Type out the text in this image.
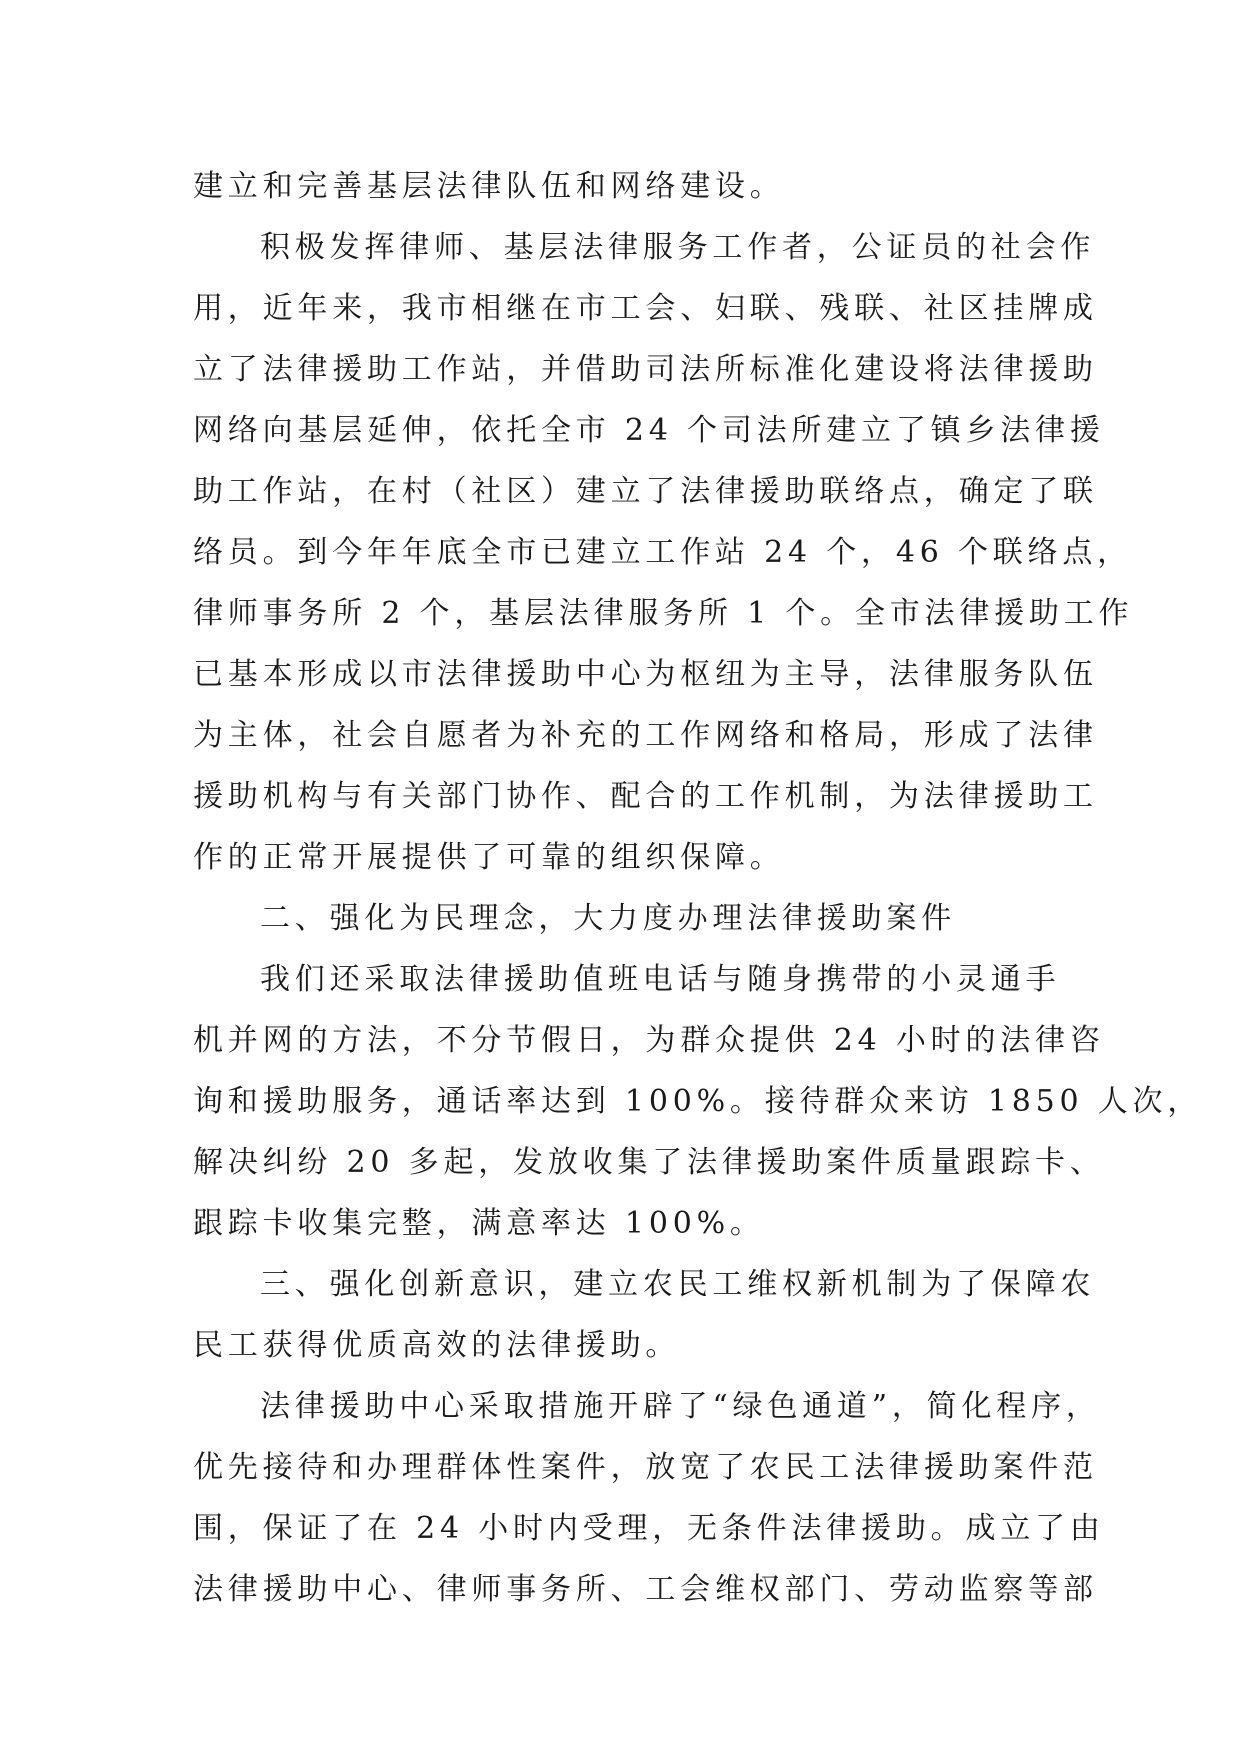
建立和完善基层法律队伍和网络建设。
积极发挥律师、基层法律服务工作者，公证员的社会作
用，近年来，我市相继在市工会、妇联、残联、社区挂牌成
立了法律援助工作站，并借助司法所标准化建设将法律援助
网络向基层延伸，依托全市 24 个司法所建立了镇乡法律援
助工作站，在村（社区）建立了法律援助联络点，确定了联
络员。到今年年底全市已建立工作站 24 个，46 个联络点，
律师事务所 2 个，基层法律服务所 1 个。全市法律援助工作
已基本形成以市法律援助中心为枢纽为主导，法律服务队伍
为主体，社会自愿者为补充的工作网络和格局，形成了法律
援助机构与有关部门协作、配合的工作机制，为法律援助工
作的正常开展提供了可靠的组织保障。
二、强化为民理念，大力度办理法律援助案件
我们还采取法律援助值班电话与随身携带的小灵通手
机并网的方法，不分节假日，为群众提供 24 小时的法律咨
询和援助服务，通话率达到 100%。接待群众来访 1850 人次，
解决纠纷 20 多起，发放收集了法律援助案件质量跟踪卡、
跟踪卡收集完整，满意率达 100%。
三、强化创新意识，建立农民工维权新机制为了保障农
民工获得优质高效的法律援助。
法律援助中心采取措施开辟了“绿色通道”，简化程序，
优先接待和办理群体性案件，放宽了农民工法律援助案件范
围，保证了在 24 小时内受理，无条件法律援助。成立了由
法律援助中心、律师事务所、工会维权部门、劳动监察等部
